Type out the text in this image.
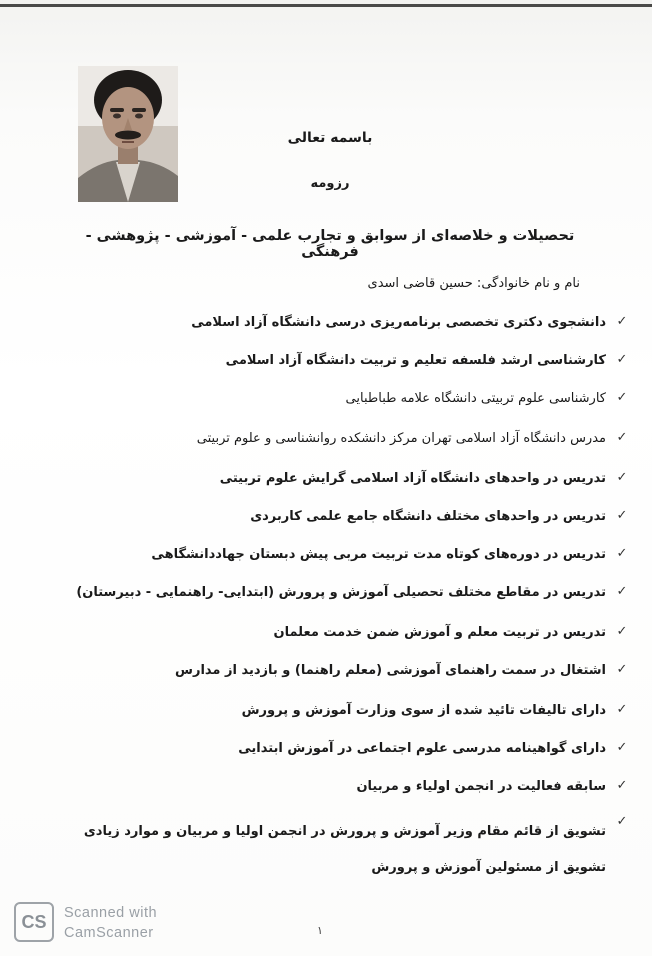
باسمه تعالی
رزومه
تحصیلات و خلاصه‌ای از سوابق و تجارب علمی - آموزشی - پژوهشی - فرهنگی
نام و نام خانوادگی: حسین قاضی اسدی
✓
دانشجوی دکتری تخصصی برنامه‌ریزی درسی دانشگاه آزاد اسلامی
✓
کارشناسی ارشد فلسفه تعلیم و تربیت دانشگاه آزاد اسلامی
✓
کارشناسی علوم تربیتی دانشگاه علامه طباطبایی
✓
مدرس دانشگاه آزاد اسلامی تهران مرکز دانشکده روانشناسی و علوم تربیتی
✓
تدریس در واحدهای دانشگاه آزاد اسلامی گرایش علوم تربیتی
✓
تدریس در واحدهای مختلف دانشگاه جامع علمی کاربردی
✓
تدریس در دوره‌های کوتاه مدت تربیت مربی پیش دبستان جهاددانشگاهی
✓
تدریس در مقاطع مختلف تحصیلی آموزش و پرورش (ابتدایی- راهنمایی - دبیرستان)
✓
تدریس در تربیت معلم و آموزش ضمن خدمت معلمان
✓
اشتغال در سمت راهنمای آموزشی (معلم راهنما) و بازدید از مدارس
✓
دارای تالیفات تائید شده از سوی وزارت آموزش و پرورش
✓
دارای گواهینامه مدرسی علوم اجتماعی در آموزش ابتدایی
✓
سابقه فعالیت در انجمن اولیاء و مربیان
✓
تشویق از قائم مقام وزیر آموزش و پرورش در انجمن اولیا و مربیان و موارد زیادی تشویق از مسئولین آموزش و پرورش
۱
CS	Scanned with
CamScanner
